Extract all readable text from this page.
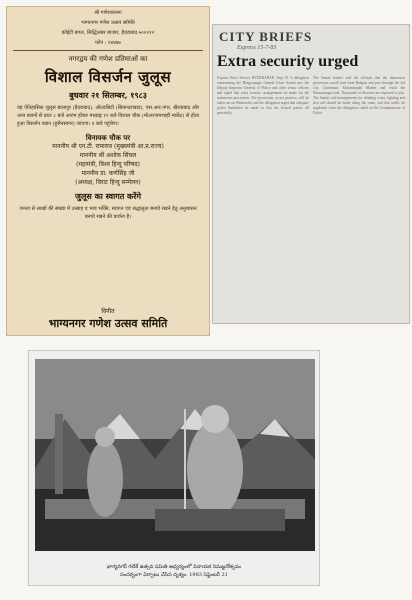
श्री गणेशायनमः
भाग्यनगर गणेश उत्सव समिति
कोईटी बगल, सिद्धिअंबर बाजार, हैदराबाद-५०००१२
फोन : २४४७७
नगरद्वय की गणेश प्रतिमाओं का
विशाल विसर्जन जुलूस
बुधवार २१ सितम्बर, १९८३
यह ऐतिहासिक जुलूस बालापुर (हैदराबाद), ओल्डसिटी (सिकन्दराबाद), एस.आर.नगर, खैरताबाद और अन्य स्थानों से प्रातः ८ बजे आरंभ होकर मध्याह्न १२ बजे विशाल चौक (मोअज्जमशाही मार्केट) से होता हुआ विसर्जन स्थान (हुसैनसागर) जाएगा। ४ बजे पहुंचेगा।
विनायक चौक पर
माननीय श्री एन.टी. रामाराव (मुख्यमंत्री आ.प्र.राज्य)
माननीय श्री अशोक सिंघल
(महामंत्री, विश्व हिन्दु परिषद)
माननीय डा. कर्णसिंह जी
(अध्यक्ष, विराट हिन्दु सम्मेलन)
जुलूस का स्वागत करेंगे
जनता से लाखों की संख्या में उत्साह व भाव भक्ति, स्वागत एवं श्रद्धालुता बनाये रखने हेतु अनुशासन बनाये रखने की प्रार्थना है।
विनीत
भाग्यनगर गणेश उत्सव समिति
CITY BRIEFS
Express 15-7-83
Extra security urged
Express News Service HYDERABAD, Sept 19. A delegation representing the Bhagyanagar Ganesh Utsav Samiti met the Deputy Inspector General of Police and other senior officers and urged that extra security arrangements be made for the immersion procession. The procession, as per practice, will be taken out on Wednesday and the delegation urged that adequate police bandobust be made so that the festival passes off peacefully.
The Samiti leaders told the officials that the immersion procession would start from Balapur and pass through the old city, Charminar, Moazzamjahi Market and reach the Hussainsagar tank. Thousands of devotees are expected to join. The Samiti said arrangements for drinking water, lighting and first aid should be made along the route, and that traffic be regulated. Later the delegation called on the Commissioner of Police.
భాగ్యనగర్ గణేశ్ ఉత్సవ సమితి ఆధ్వర్యంలో వినాయక నిమజ్జనోత్సవం
సందర్భంగా ఏర్పాటు చేసిన దృశ్యం. 1983 సెప్టెంబర్ 21
